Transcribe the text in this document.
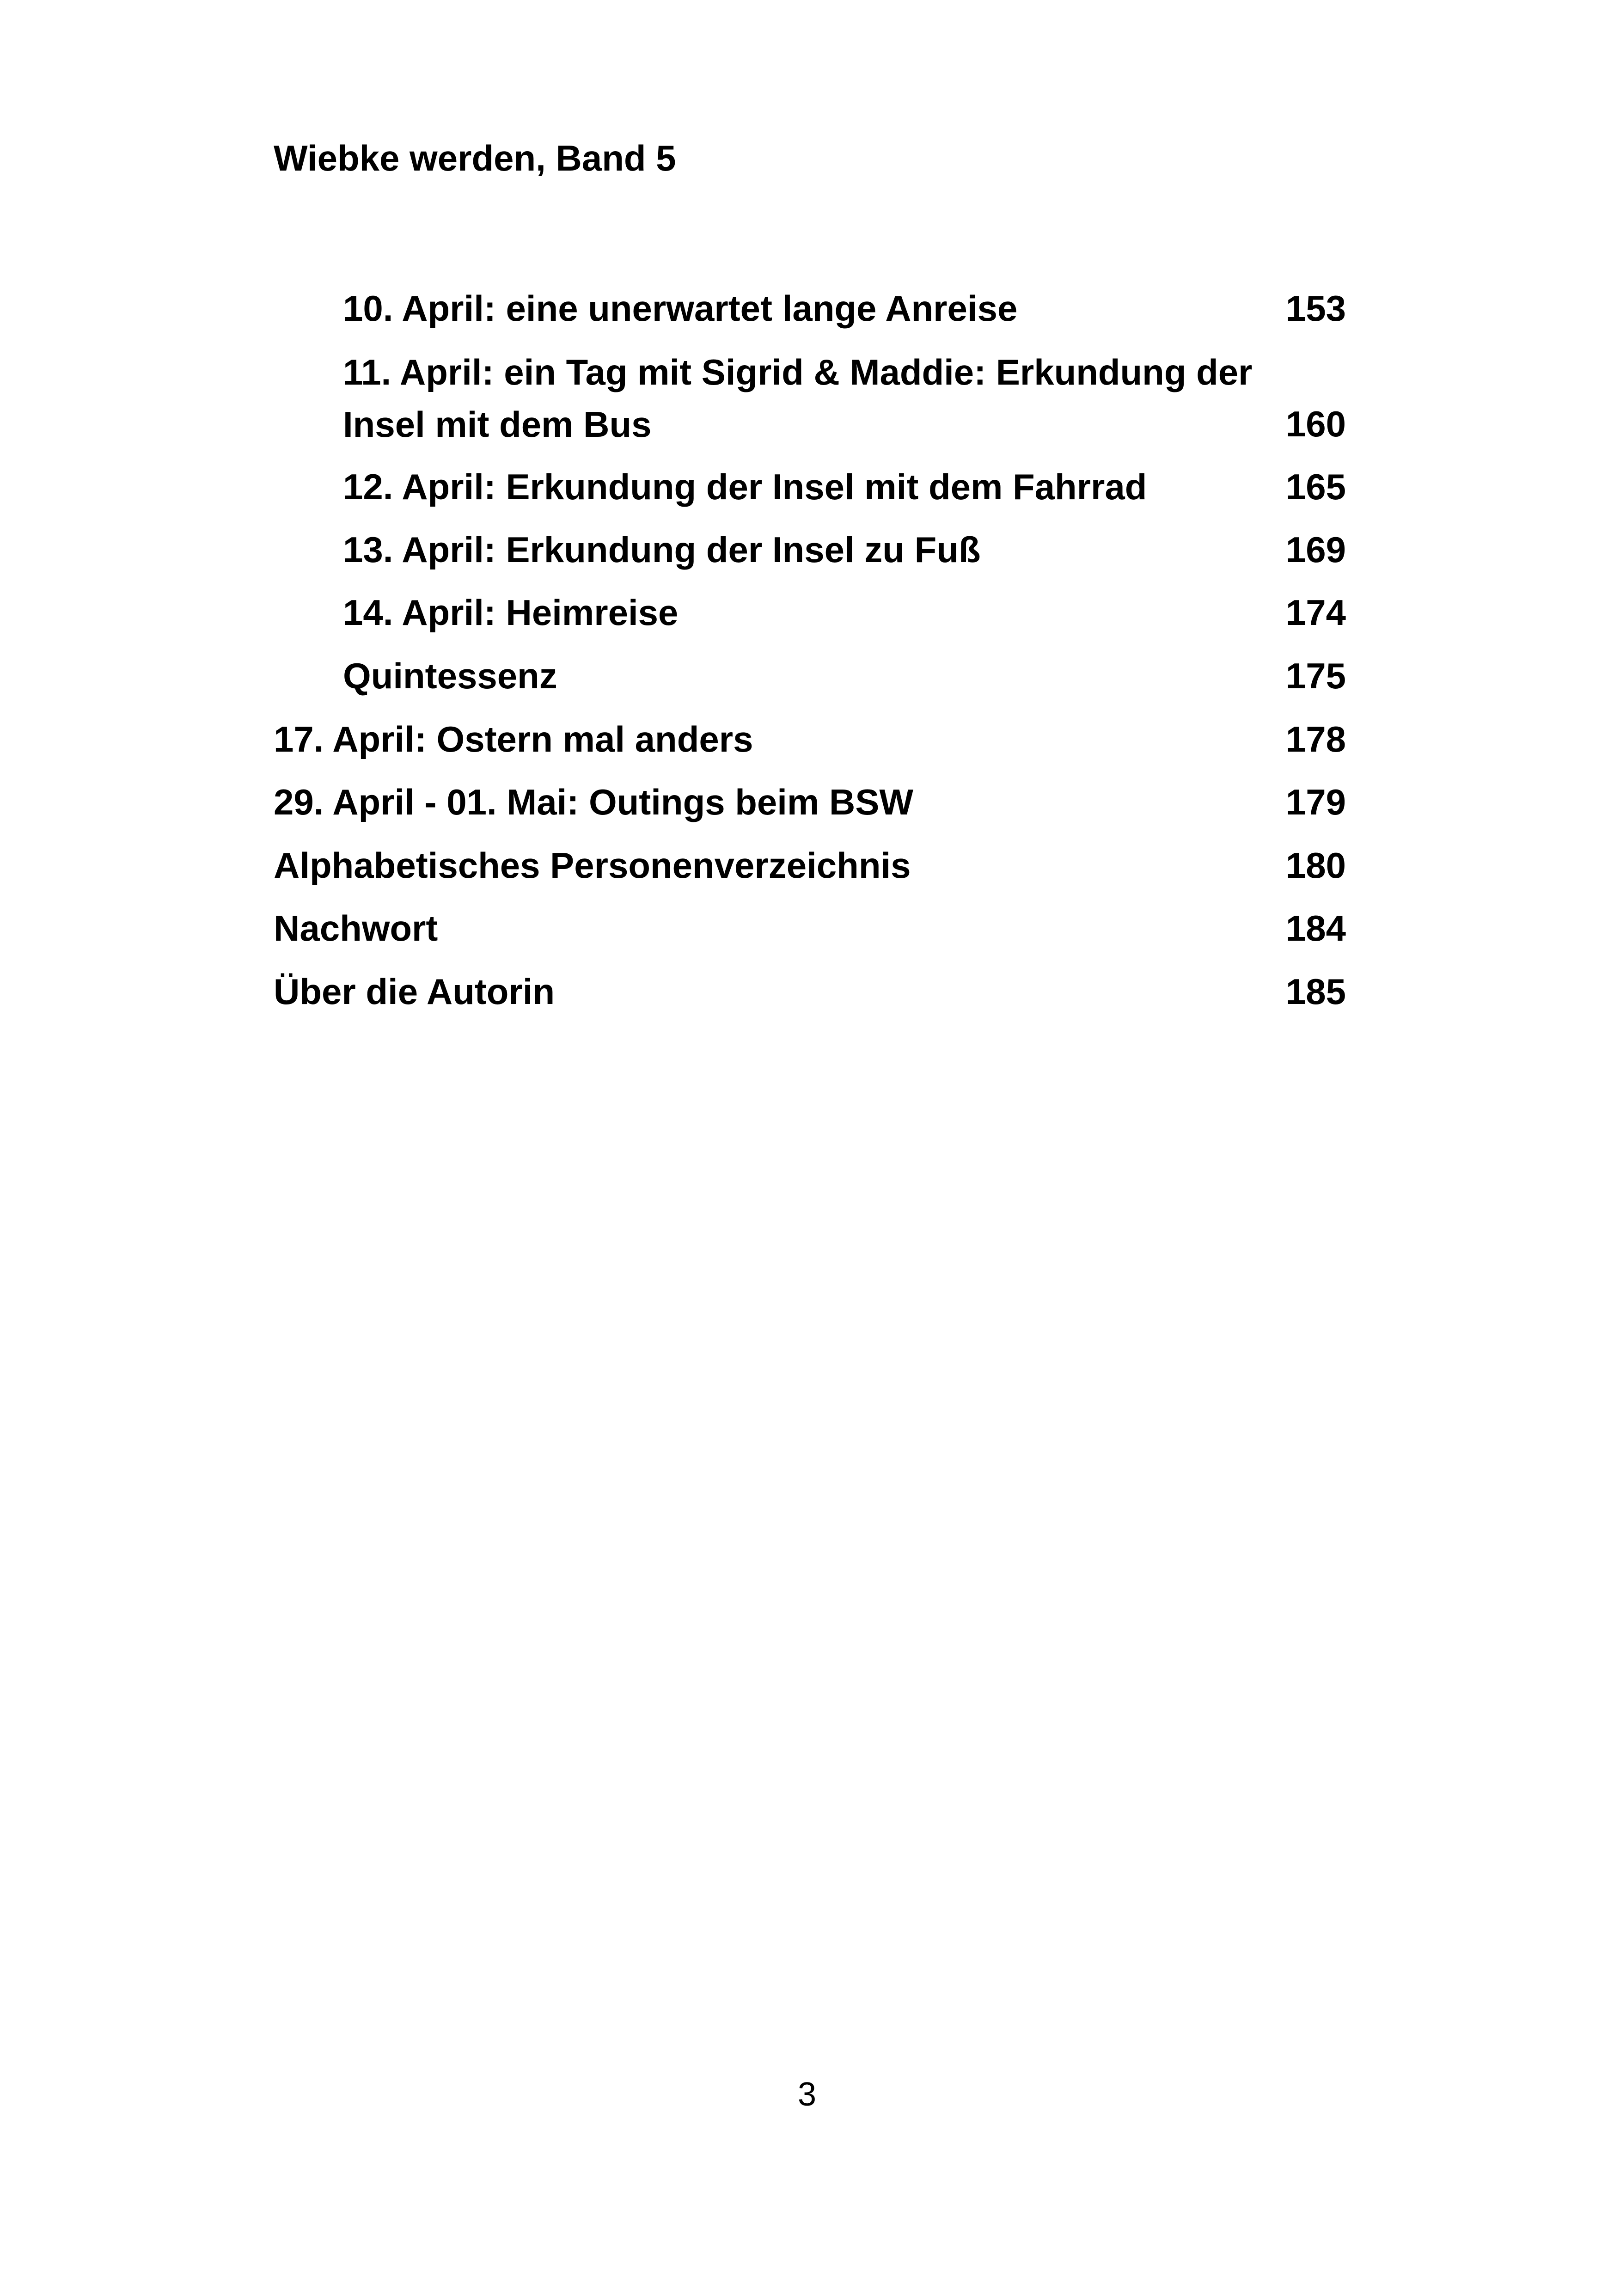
Wiebke werden, Band 5
10. April: eine unerwartet lange Anreise	153
11. April: ein Tag mit Sigrid & Maddie: Erkundung der Insel mit dem Bus	160
12. April: Erkundung der Insel mit dem Fahrrad	165
13. April: Erkundung der Insel zu Fuß	169
14. April: Heimreise	174
Quintessenz	175
17. April: Ostern mal anders	178
29. April - 01. Mai: Outings beim BSW	179
Alphabetisches Personenverzeichnis	180
Nachwort	184
Über die Autorin	185
3
